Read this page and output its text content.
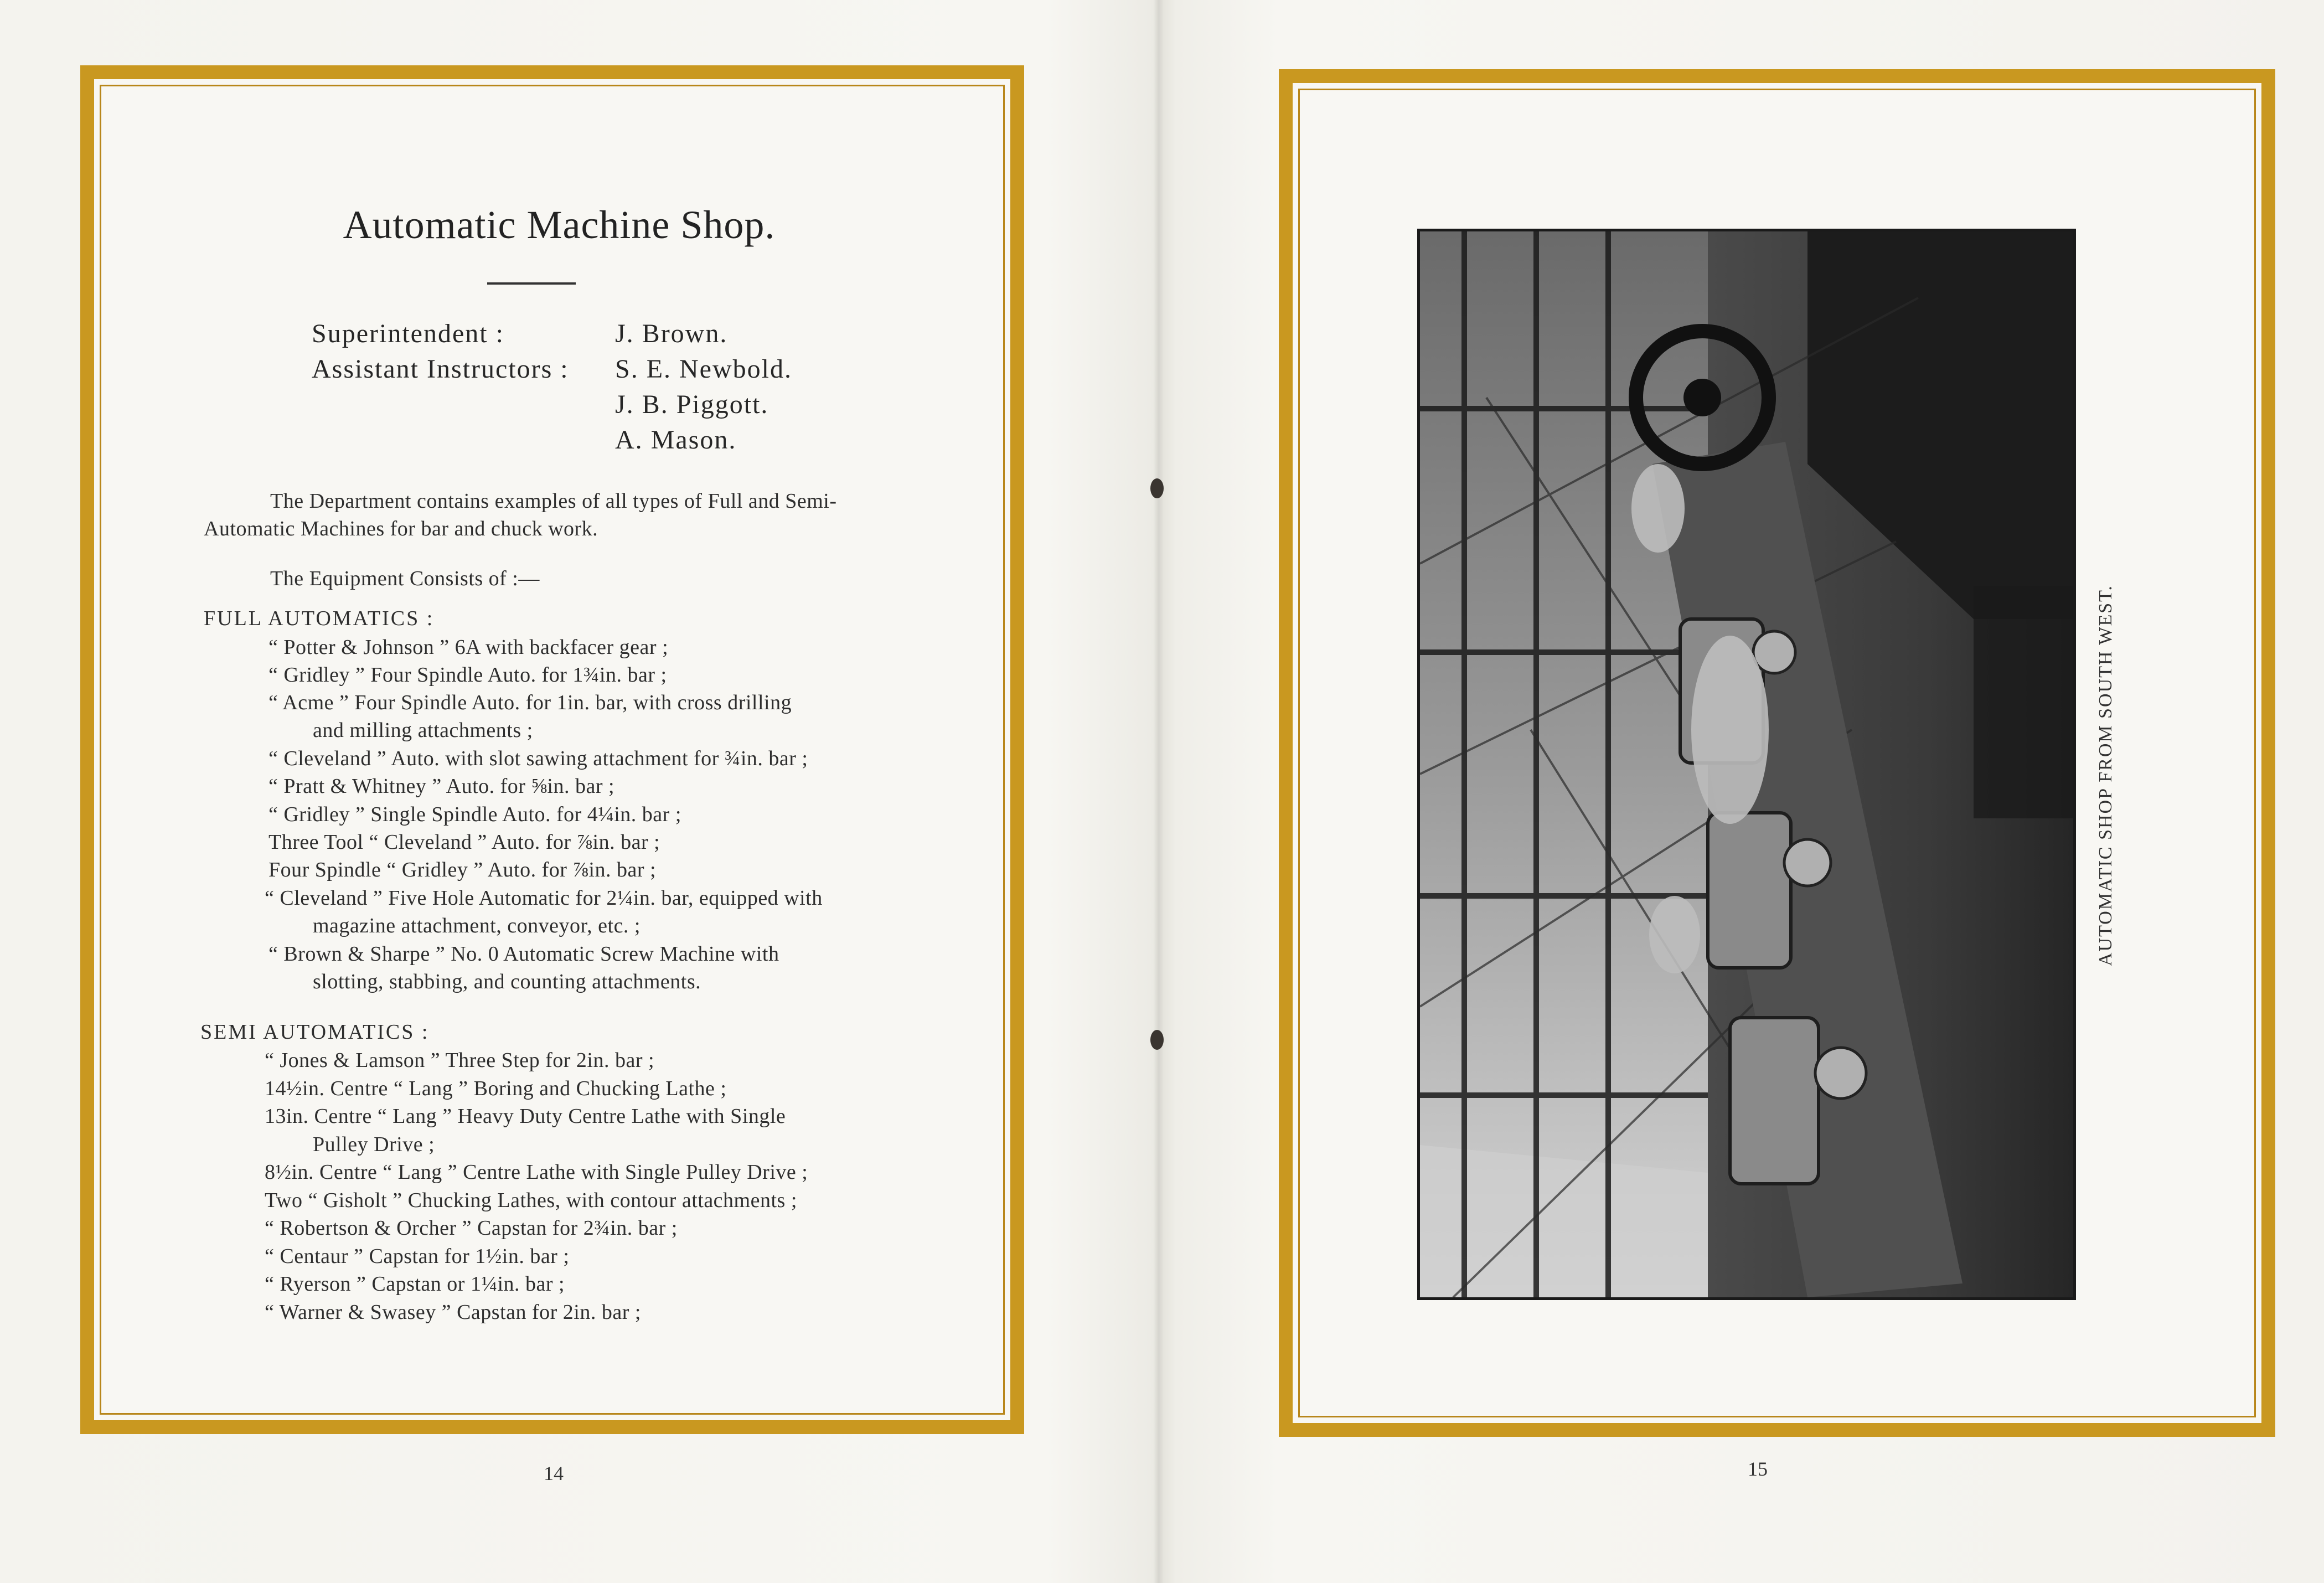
Automatic Machine Shop.
Superintendent :	J. Brown.
Assistant Instructors : S. E. Newbold.
J. B. Piggott.
A. Mason.
The Department contains examples of all types of Full and Semi-
Automatic Machines for bar and chuck work.
The Equipment Consists of :—
FULL AUTOMATICS :
“ Potter & Johnson ” 6A with backfacer gear ;
“ Gridley ” Four Spindle Auto. for 1¾in. bar ;
“ Acme ” Four Spindle Auto. for 1in. bar, with cross drilling
and milling attachments ;
“ Cleveland ” Auto. with slot sawing attachment for ¾in. bar ;
“ Pratt & Whitney ” Auto. for ⅝in. bar ;
“ Gridley ” Single Spindle Auto. for 4¼in. bar ;
Three Tool “ Cleveland ” Auto. for ⅞in. bar ;
Four Spindle “ Gridley ” Auto. for ⅞in. bar ;
“ Cleveland ” Five Hole Automatic for 2¼in. bar, equipped with
magazine attachment, conveyor, etc. ;
“ Brown & Sharpe ” No. 0 Automatic Screw Machine with
slotting, stabbing, and counting attachments.
SEMI AUTOMATICS :
“ Jones & Lamson ” Three Step for 2in. bar ;
14½in. Centre “ Lang ” Boring and Chucking Lathe ;
13in. Centre “ Lang ” Heavy Duty Centre Lathe with Single
Pulley Drive ;
8½in. Centre “ Lang ” Centre Lathe with Single Pulley Drive ;
Two “ Gisholt ” Chucking Lathes, with contour attachments ;
“ Robertson & Orcher ” Capstan for 2¾in. bar ;
“ Centaur ” Capstan for 1½in. bar ;
“ Ryerson ” Capstan or 1¼in. bar ;
“ Warner & Swasey ” Capstan for 2in. bar ;
14	15
AUTOMATIC SHOP FROM SOUTH WEST.
